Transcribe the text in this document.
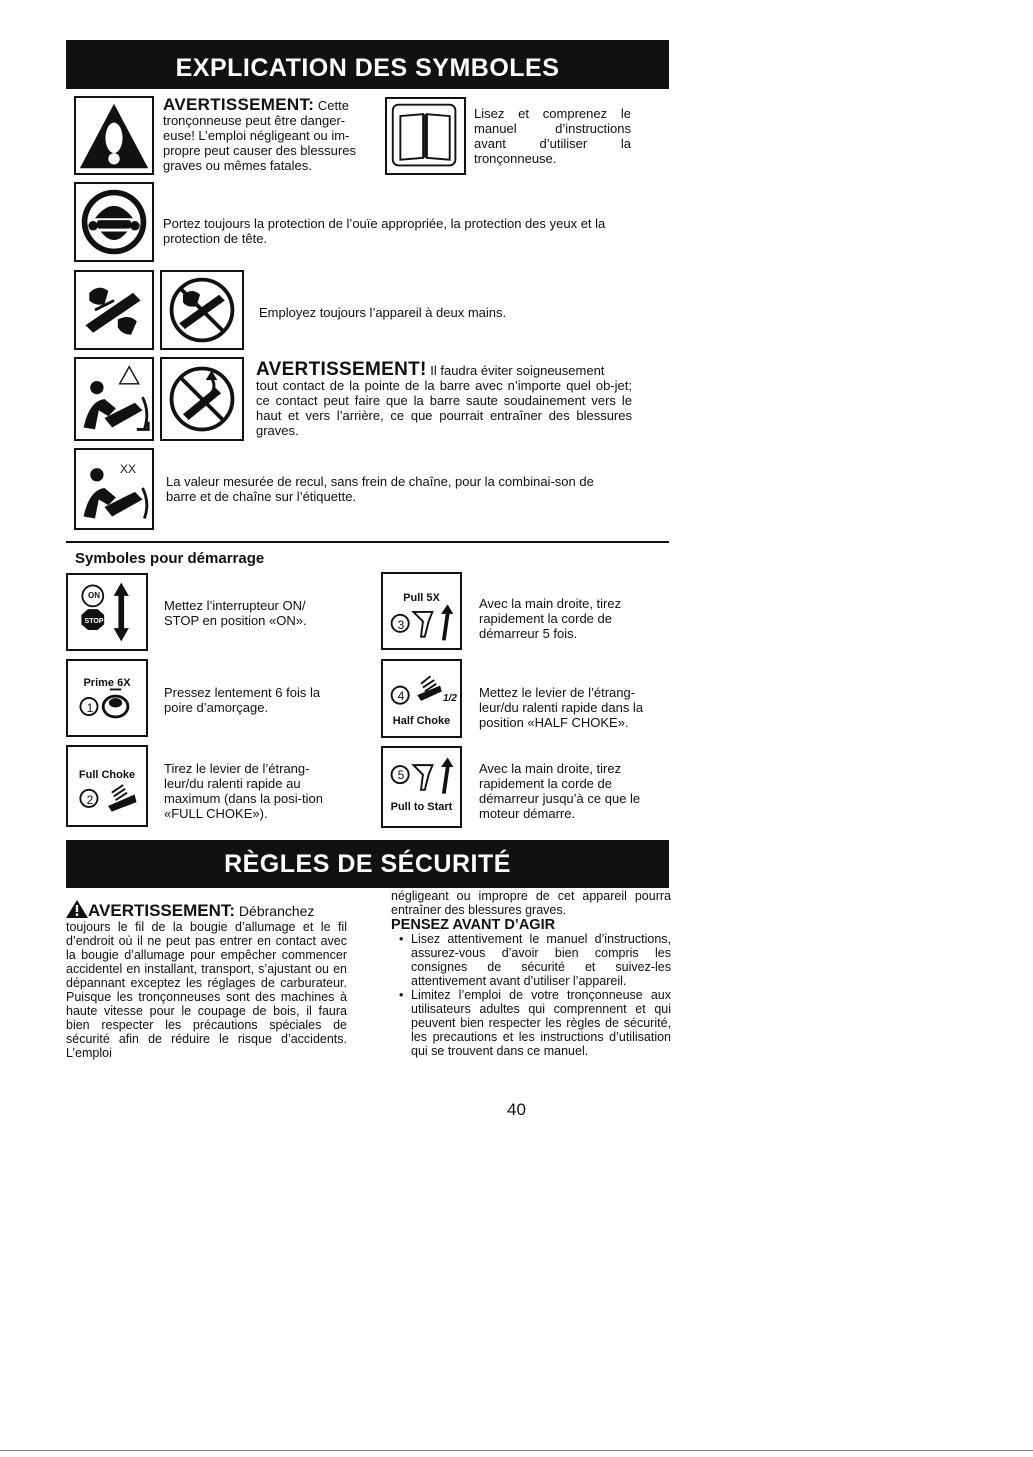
EXPLICATION DES SYMBOLES
AVERTISSEMENT: Cette
tronçonneuse peut être danger-euse! L’emploi négligeant ou im-propre peut causer des blessures graves ou mêmes fatales.
Lisez et comprenez le manuel d’instructions avant d’utiliser la tronçonneuse.
Portez toujours la protection de l’ouïe appropriée, la protection des yeux et la protection de tête.
Employez toujours l’appareil à deux mains.
AVERTISSEMENT! Il faudra éviter soigneusement
tout contact de la pointe de la barre avec n’importe quel ob-jet; ce contact peut faire que la barre saute soudainement vers le haut et vers l’arrière, ce que pourrait entraîner des blessures graves.
XX
La valeur mesurée de recul, sans frein de chaîne, pour la combinai-son de barre et de chaîne sur l’étiquette.
Symboles pour démarrage
ON
STOP
Mettez l’interrupteur ON/ STOP en position «ON».
Prime 6X
1
Pressez lentement 6 fois la poire d’amorçage.
Full Choke
2
Tirez le levier de l’étrang-leur/du ralenti rapide au maximum (dans la posi-tion «FULL CHOKE»).
Pull 5X
3
Avec la main droite, tirez rapidement la corde de démarreur 5 fois.
4	1/2
Half Choke
Mettez le levier de l’étrang-leur/du ralenti rapide dans la position «HALF CHOKE».
5
Pull to Start
Avec la main droite, tirez rapidement la corde de démarreur jusqu’à ce que le moteur démarre.
RÈGLES DE SÉCURITÉ
AVERTISSEMENT: Débranchez
toujours le fil de la bougie d’allumage et le fil d’endroit où il ne peut pas entrer en contact avec la bougie d’allumage pour empêcher commencer accidentel en installant, transport, s’ajustant ou en dépannant exceptez les réglages de carburateur. Puisque les tronçonneuses sont des machines à haute vitesse pour le coupage de bois, il faura bien respecter les précautions spéciales de sécurité afin de réduire le risque d’accidents. L’emploi
négligeant ou impropre de cet appareil pourra entraîner des blessures graves.
PENSEZ AVANT D’AGIR
• Lisez attentivement le manuel d’instructions, assurez-vous d’avoir bien compris les consignes de sécurité et suivez-les attentivement avant d’utiliser l’appareil.
• Limitez l’emploi de votre tronçonneuse aux utilisateurs adultes qui comprennent et qui peuvent bien respecter les règles de sécurité, les precautions et les instructions d’utilisation qui se trouvent dans ce manuel.
40
